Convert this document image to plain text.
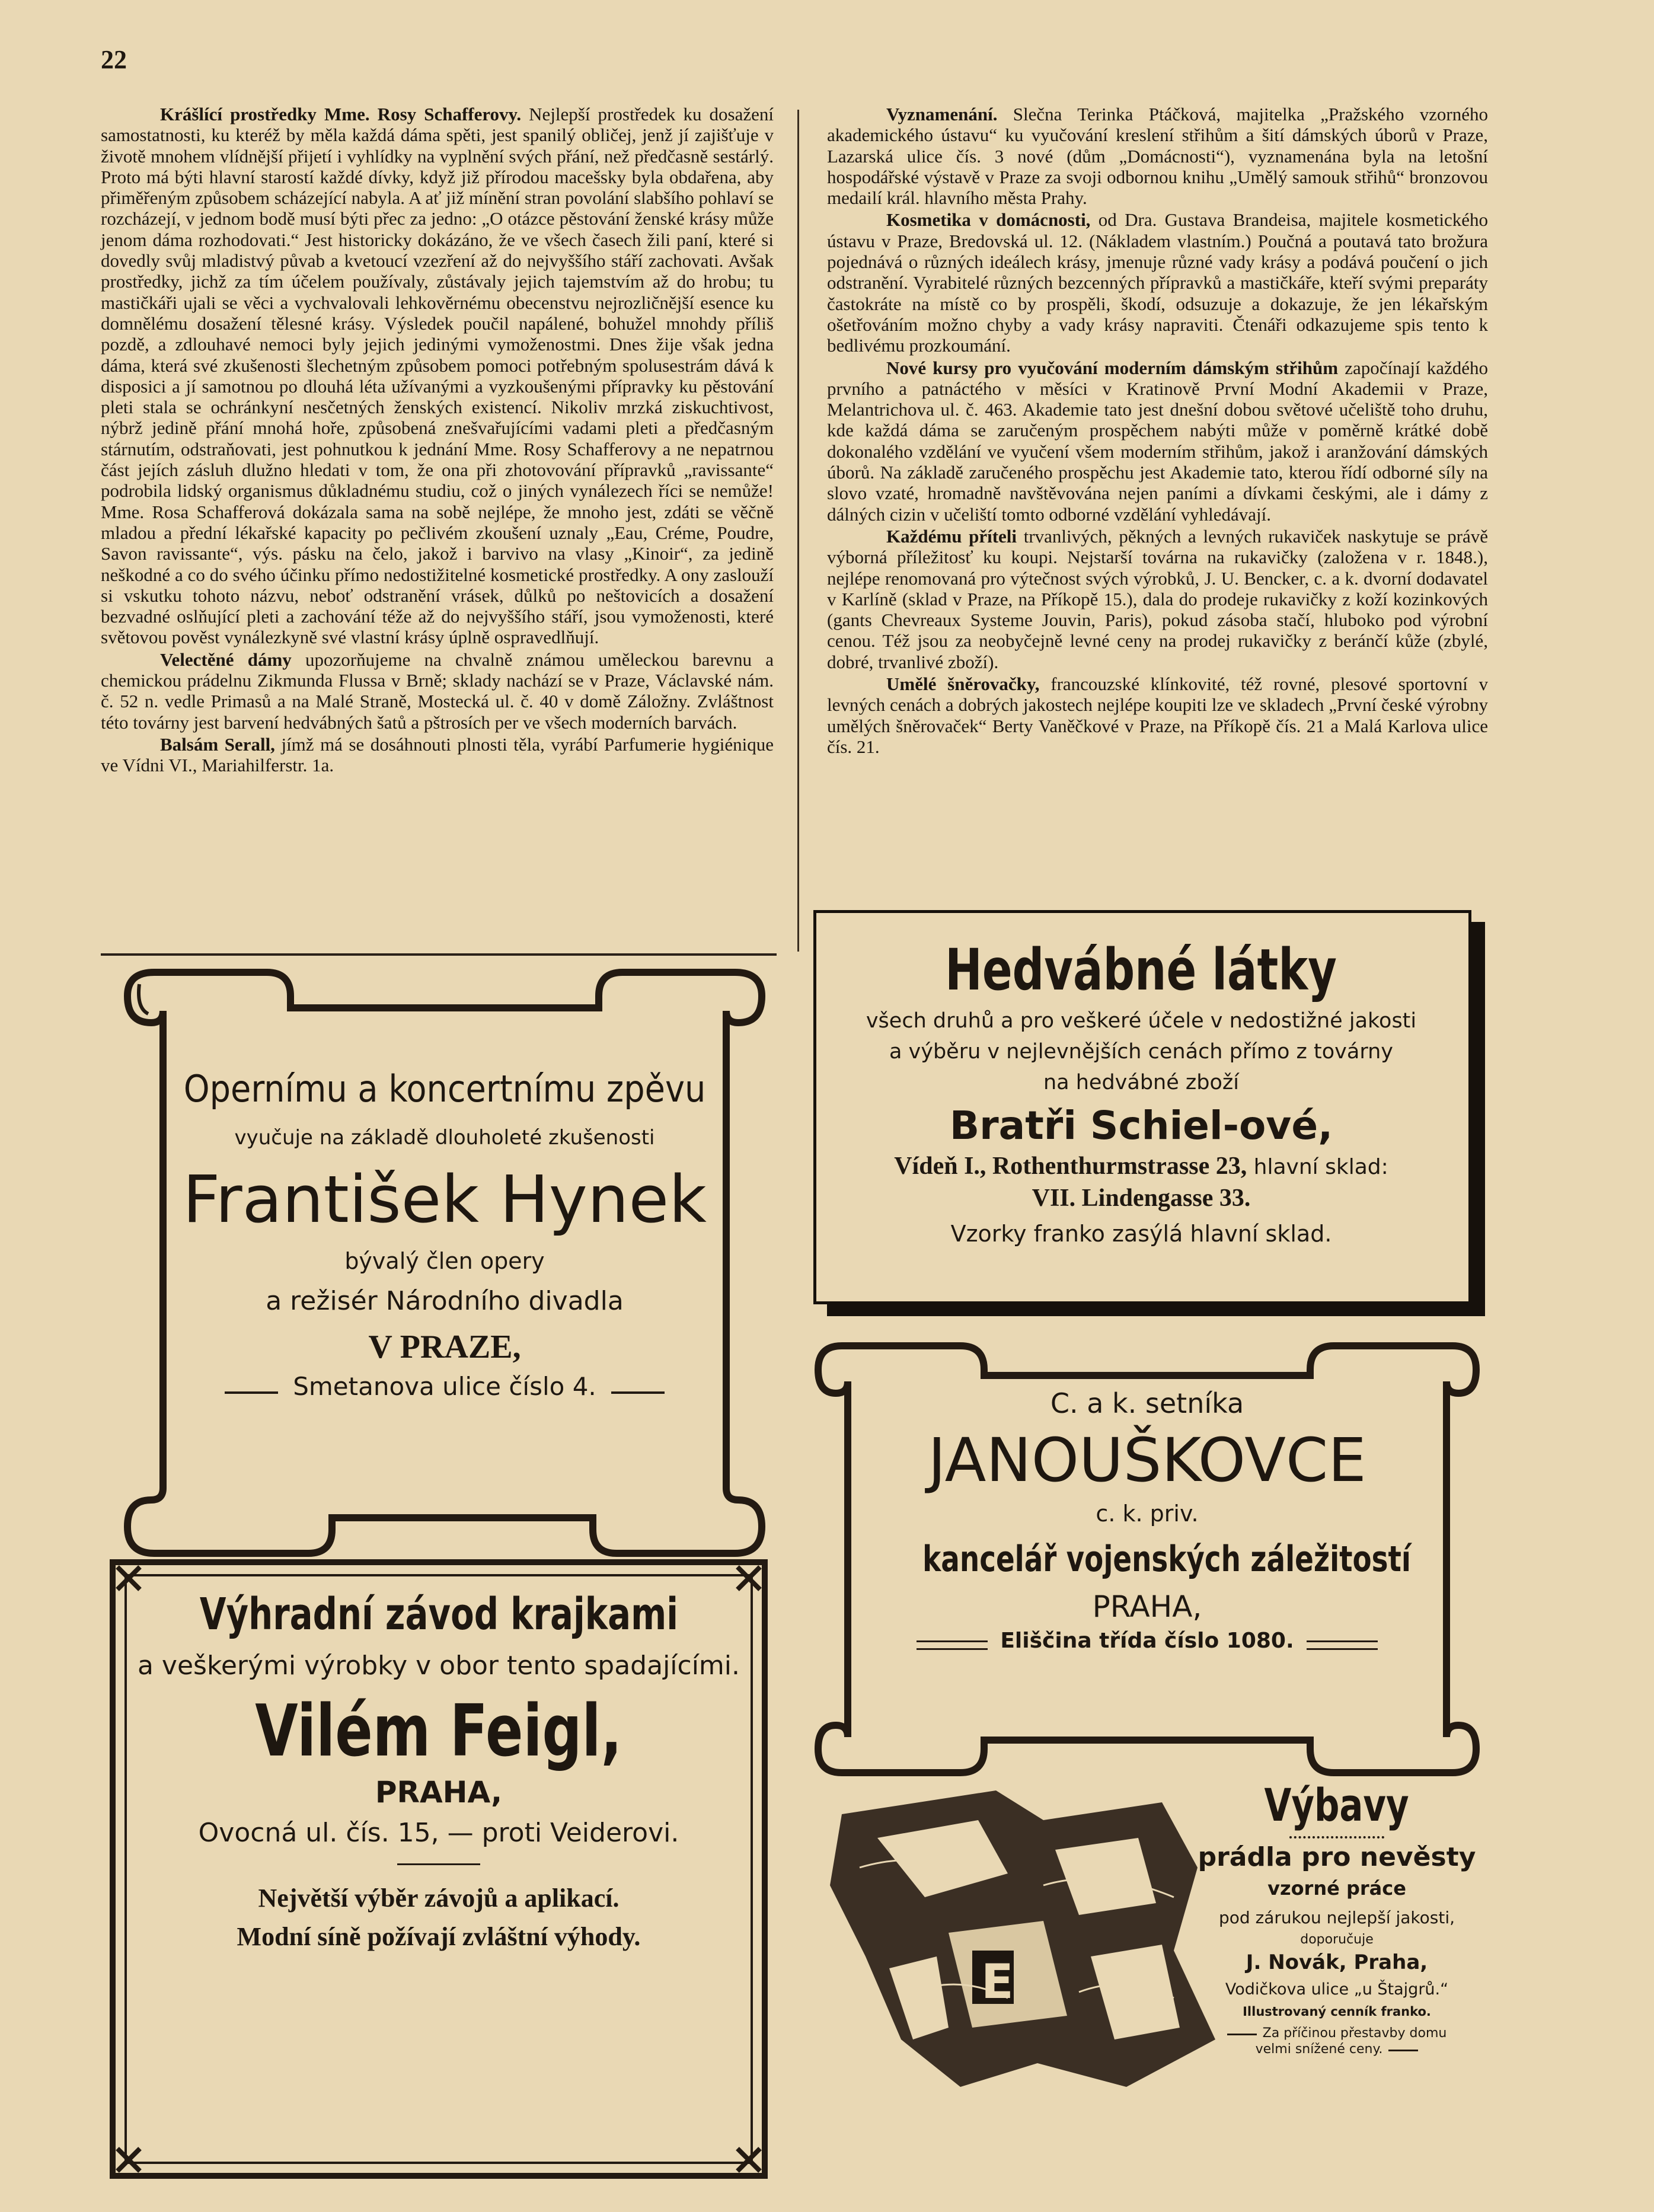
22

Krášlící prostředky Mme. Rosy Schafferovy. Nejlepší prostředek ku dosažení samostatnosti, ku kteréž by měla každá dáma spěti, jest spanilý obličej, jenž jí zajišťuje v životě mnohem vlídnější přijetí i vyhlídky na vyplnění svých přání, než předčasně sestárlý. Proto má býti hlavní starostí každé dívky, když již přírodou macešsky byla obdařena, aby přiměřeným způsobem scházející nabyla. A ať již mínění stran povolání slabšího pohlaví se rozcházejí, v jednom bodě musí býti přec za jedno: „O otázce pěstování ženské krásy může jenom dáma rozhodovati.“ Jest historicky dokázáno, že ve všech časech žili paní, které si dovedly svůj mladistvý půvab a kvetoucí vzezření až do nejvyššího stáří zachovati. Avšak prostředky, jichž za tím účelem používaly, zůstávaly jejich tajemstvím až do hrobu; tu mastičkáři ujali se věci a vychvalovali lehkověrnému obecenstvu nejrozličnější esence ku domnělému dosažení tělesné krásy. Výsledek poučil napálené, bohužel mnohdy příliš pozdě, a zdlouhavé nemoci byly jejich jedinými vymoženostmi. Dnes žije však jedna dáma, která své zkušenosti šlechetným způsobem pomoci potřebným spolusestrám dává k disposici a jí samotnou po dlouhá léta užívanými a vyzkoušenými přípravky ku pěstování pleti stala se ochránkyní nesčetných ženských existencí. Nikoliv mrzká ziskuchtivost, nýbrž jedině přání mnohá hoře, způsobená znešvařujícími vadami pleti a předčasným stárnutím, odstraňovati, jest pohnutkou k jednání Mme. Rosy Schafferovy a ne nepatrnou část jejích zásluh dlužno hledati v tom, že ona při zhotovování přípravků „ravissante“ podrobila lidský organismus důkladnému studiu, což o jiných vynálezech říci se nemůže! Mme. Rosa Schafferová dokázala sama na sobě nejlépe, že mnoho jest, zdáti se věčně mladou a přední lékařské kapacity po pečlivém zkoušení uznaly „Eau, Créme, Poudre, Savon ravissante“, výs. pásku na čelo, jakož i barvivo na vlasy „Kinoir“, za jedině neškodné a co do svého účinku přímo nedostižitelné kosmetické prostředky. A ony zaslouží si vskutku tohoto názvu, neboť odstranění vrásek, důlků po neštovicích a dosažení bezvadné oslňující pleti a zachování téže až do nejvyššího stáří, jsou vymoženosti, které světovou pověst vynálezkyně své vlastní krásy úplně ospravedlňují.

Velectěné dámy upozorňujeme na chvalně známou uměleckou barevnu a chemickou prádelnu Zikmunda Flussa v Brně; sklady nachází se v Praze, Václavské nám. č. 52 n. vedle Primasů a na Malé Straně, Mostecká ul. č. 40 v domě Záložny. Zvláštnost této továrny jest barvení hedvábných šatů a pštrosích per ve všech moderních barvách.

Balsám Serall, jímž má se dosáhnouti plnosti těla, vyrábí Parfumerie hygiénique ve Vídni VI., Mariahilferstr. 1a.

Vyznamenání. Slečna Terinka Ptáčková, majitelka „Pražského vzorného akademického ústavu“ ku vyučování kreslení střihům a šití dámských úborů v Praze, Lazarská ulice čís. 3 nové (dům „Domácnosti“), vyznamenána byla na letošní hospodářské výstavě v Praze za svoji odbornou knihu „Umělý samouk střihů“ bronzovou medailí král. hlavního města Prahy.

Kosmetika v domácnosti, od Dra. Gustava Brandeisa, majitele kosmetického ústavu v Praze, Bredovská ul. 12. (Nákladem vlastním.) Poučná a poutavá tato brožura pojednává o různých ideálech krásy, jmenuje různé vady krásy a podává poučení o jich odstranění. Vyrabitelé různých bezcenných přípravků a mastičkáře, kteří svými preparáty častokráte na místě co by prospěli, škodí, odsuzuje a dokazuje, že jen lékařským ošetřováním možno chyby a vady krásy napraviti. Čtenáři odkazujeme spis tento k bedlivému prozkoumání.

Nové kursy pro vyučování moderním dámským střihům započínají každého prvního a patnáctého v měsíci v Kratinově První Modní Akademii v Praze, Melantrichova ul. č. 463. Akademie tato jest dnešní dobou světové učeliště toho druhu, kde každá dáma se zaručeným prospěchem nabýti může v poměrně krátké době dokonalého vzdělání ve vyučení všem moderním střihům, jakož i aranžování dámských úborů. Na základě zaručeného prospěchu jest Akademie tato, kterou řídí odborné síly na slovo vzaté, hromadně navštěvována nejen paními a dívkami českými, ale i dámy z dálných cizin v učeliští tomto odborné vzdělání vyhledávají.

Každému příteli trvanlivých, pěkných a levných rukaviček naskytuje se právě výborná příležitosť ku koupi. Nejstarší továrna na rukavičky (založena v r. 1848.), nejlépe renomovaná pro výtečnost svých výrobků, J. U. Bencker, c. a k. dvorní dodavatel v Karlíně (sklad v Praze, na Příkopě 15.), dala do prodeje rukavičky z koží kozinkových (gants Chevreaux Systeme Jouvin, Paris), pokud zásoba stačí, hluboko pod výrobní cenou. Též jsou za neobyčejně levné ceny na prodej rukavičky z beránčí kůže (zbylé, dobré, trvanlivé zboží).

Umělé šněrovačky, francouzské klínkovité, též rovné, plesové sportovní v levných cenách a dobrých jakostech nejlépe koupiti lze ve skladech „První české výrobny umělých šněrovaček“ Berty Vaněčkové v Praze, na Příkopě čís. 21 a Malá Karlova ulice čís. 21.

Opernímu a koncertnímu zpěvu
vyučuje na základě dlouholeté zkušenosti
František Hynek
bývalý člen opery
a režisér Národního divadla
V PRAZE,
Smetanova ulice číslo 4.
Výhradní závod krajkami
a veškerými výrobky v obor tento spadajícími.
Vilém Feigl,
PRAHA,
Ovocná ul. čís. 15, — proti Veiderovi.
Největší výběr závojů a aplikací.
Modní síně požívají zvláštní výhody.
Hedvábné látky
všech druhů a pro veškeré účele v nedostižné jakosti
a výběru v nejlevnějších cenách přímo z továrny
na hedvábné zboží
Bratři Schiel-ové,
Vídeň I., Rothenthurmstrasse 23, hlavní sklad:
VII. Lindengasse 33.
Vzorky franko zasýlá hlavní sklad.
C. a k. setníka
JANOUŠKOVCE
c. k. priv.
kancelář vojenských záležitostí
PRAHA,
Eliščina třída číslo 1080.
E
Výbavy
prádla pro nevěsty
vzorné práce
pod zárukou nejlepší jakosti,
doporučuje
J. Novák, Praha,
Vodičkova ulice „u Štajgrů.“
Illustrovaný cenník franko.
Za příčinou přestavby domu
velmi snížené ceny.
